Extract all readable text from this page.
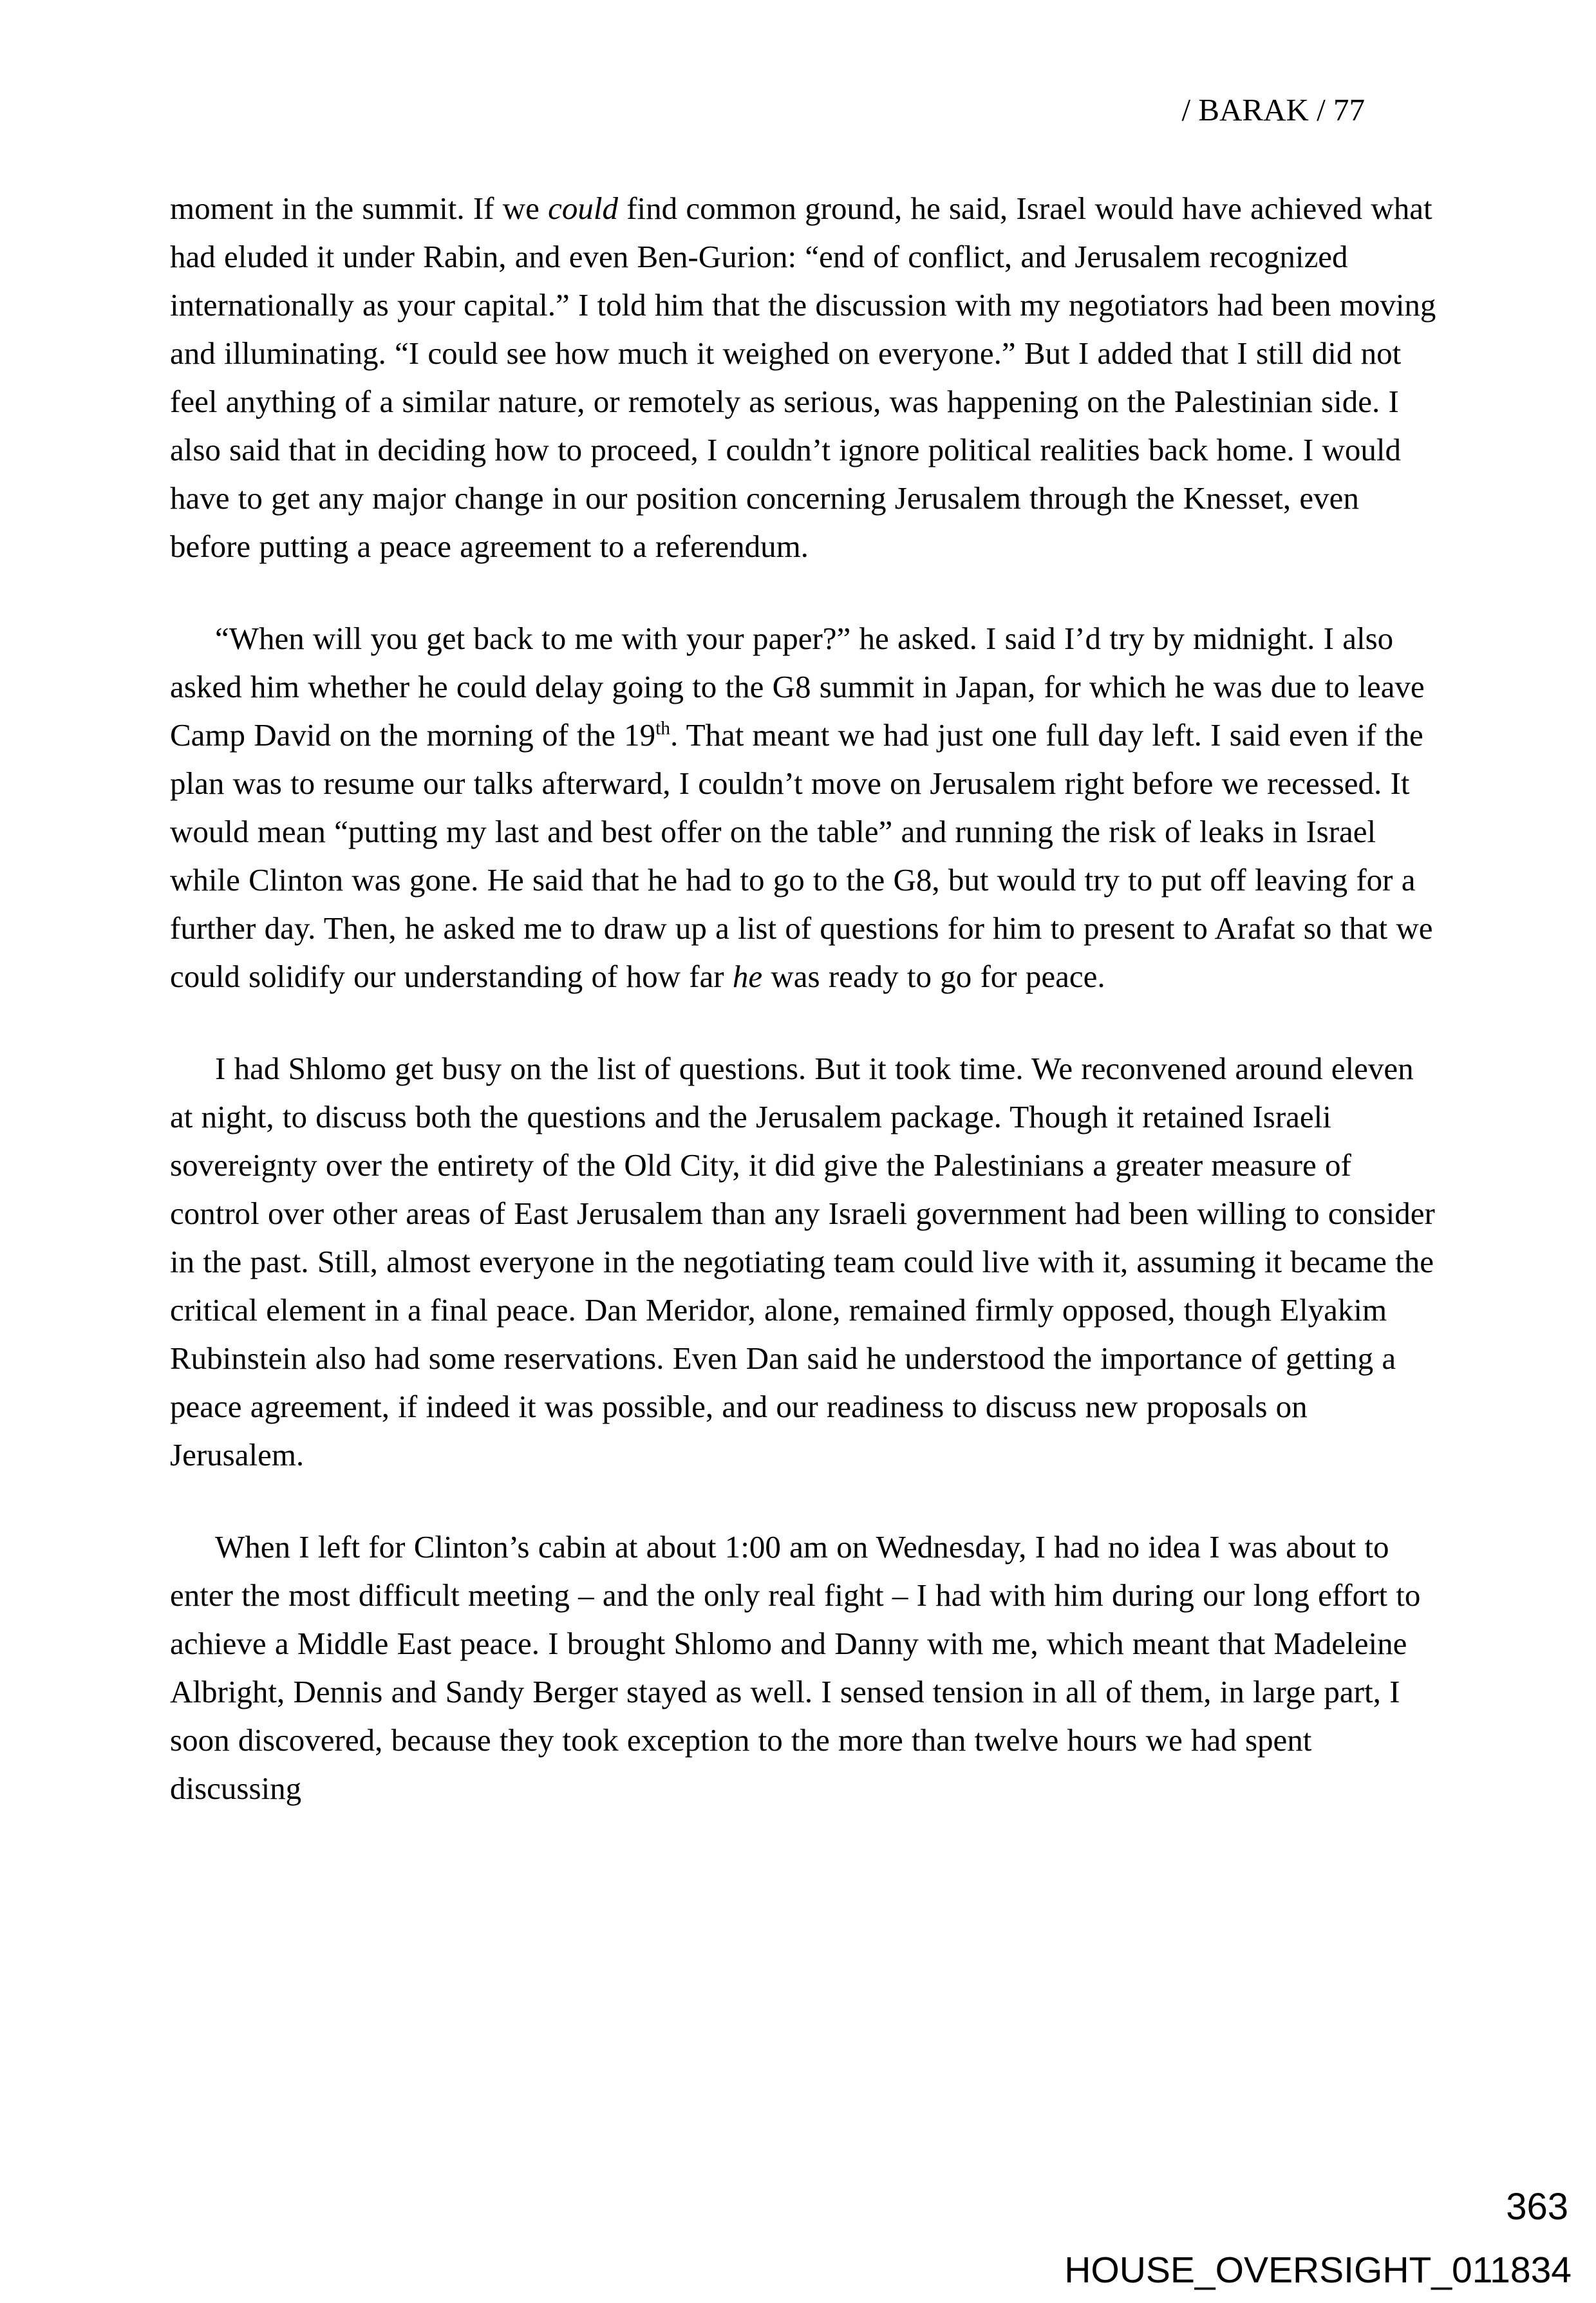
/ BARAK / 77

moment in the summit. If we could find common ground, he said, Israel would have achieved what had eluded it under Rabin, and even Ben-Gurion: “end of conflict, and Jerusalem recognized internationally as your capital.” I told him that the discussion with my negotiators had been moving and illuminating. “I could see how much it weighed on everyone.” But I added that I still did not feel anything of a similar nature, or remotely as serious, was happening on the Palestinian side. I also said that in deciding how to proceed, I couldn’t ignore political realities back home. I would have to get any major change in our position concerning Jerusalem through the Knesset, even before putting a peace agreement to a referendum.

“When will you get back to me with your paper?” he asked. I said I’d try by midnight. I also asked him whether he could delay going to the G8 summit in Japan, for which he was due to leave Camp David on the morning of the 19th. That meant we had just one full day left. I said even if the plan was to resume our talks afterward, I couldn’t move on Jerusalem right before we recessed. It would mean “putting my last and best offer on the table” and running the risk of leaks in Israel while Clinton was gone. He said that he had to go to the G8, but would try to put off leaving for a further day. Then, he asked me to draw up a list of questions for him to present to Arafat so that we could solidify our understanding of how far he was ready to go for peace.

I had Shlomo get busy on the list of questions. But it took time. We reconvened around eleven at night, to discuss both the questions and the Jerusalem package. Though it retained Israeli sovereignty over the entirety of the Old City, it did give the Palestinians a greater measure of control over other areas of East Jerusalem than any Israeli government had been willing to consider in the past. Still, almost everyone in the negotiating team could live with it, assuming it became the critical element in a final peace. Dan Meridor, alone, remained firmly opposed, though Elyakim Rubinstein also had some reservations. Even Dan said he understood the importance of getting a peace agreement, if indeed it was possible, and our readiness to discuss new proposals on Jerusalem.

When I left for Clinton’s cabin at about 1:00 am on Wednesday, I had no idea I was about to enter the most difficult meeting – and the only real fight – I had with him during our long effort to achieve a Middle East peace. I brought Shlomo and Danny with me, which meant that Madeleine Albright, Dennis and Sandy Berger stayed as well. I sensed tension in all of them, in large part, I soon discovered, because they took exception to the more than twelve hours we had spent discussing

363
HOUSE_OVERSIGHT_011834
